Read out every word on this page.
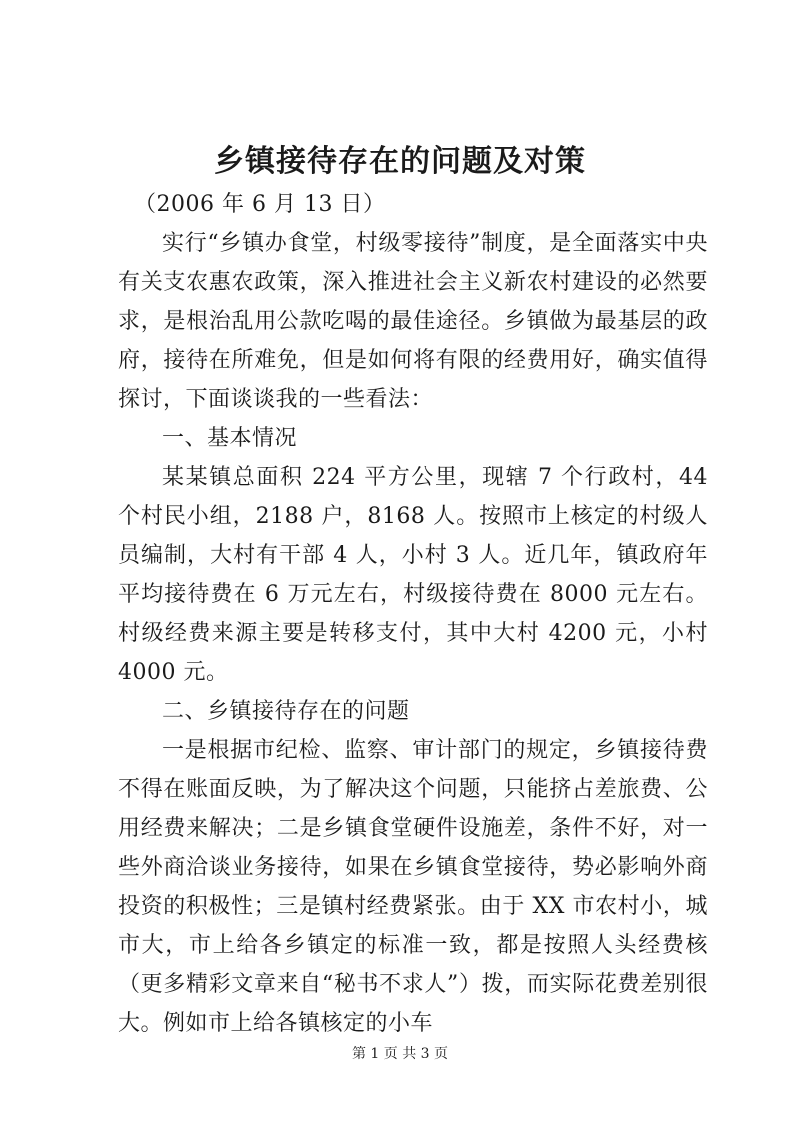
乡镇接待存在的问题及对策

（2006 年 6 月 13 日）

实行“乡镇办食堂，村级零接待”制度，是全面落实中央有关支农惠农政策，深入推进社会主义新农村建设的必然要求，是根治乱用公款吃喝的最佳途径。乡镇做为最基层的政府，接待在所难免，但是如何将有限的经费用好，确实值得探讨，下面谈谈我的一些看法：

一、基本情况

某某镇总面积 224 平方公里，现辖 7 个行政村，44 个村民小组，2188 户，8168 人。按照市上核定的村级人员编制，大村有干部 4 人，小村 3 人。近几年，镇政府年平均接待费在 6 万元左右，村级接待费在 8000 元左右。村级经费来源主要是转移支付，其中大村 4200 元，小村 4000 元。

二、乡镇接待存在的问题

一是根据市纪检、监察、审计部门的规定，乡镇接待费不得在账面反映，为了解决这个问题，只能挤占差旅费、公用经费来解决；二是乡镇食堂硬件设施差，条件不好，对一些外商洽谈业务接待，如果在乡镇食堂接待，势必影响外商投资的积极性；三是镇村经费紧张。由于 XX 市农村小，城市大，市上给各乡镇定的标准一致，都是按照人头经费核（更多精彩文章来自“秘书不求人”）拨，而实际花费差别很大。例如市上给各镇核定的小车

第 1 页 共 3 页
